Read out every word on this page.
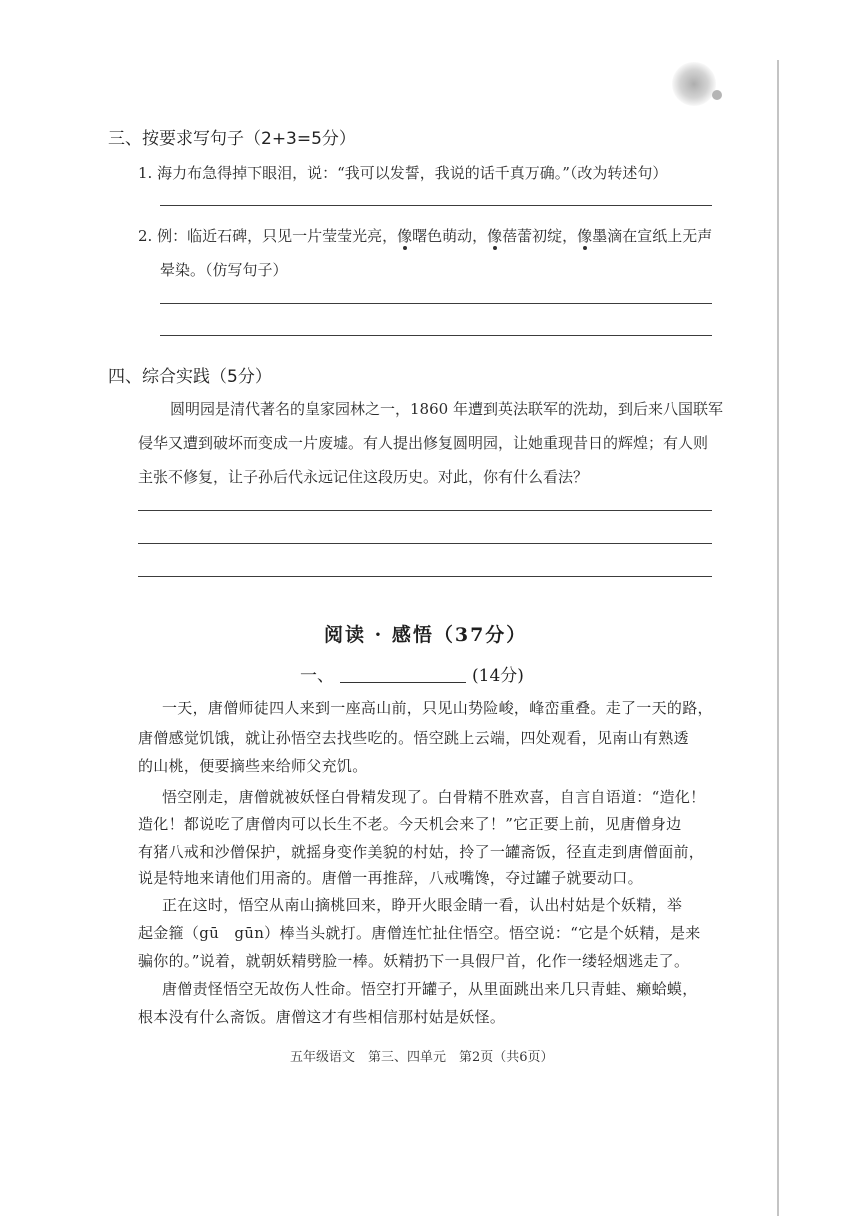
三、按要求写句子（2+3=5分）
1. 海力布急得掉下眼泪，说：“我可以发誓，我说的话千真万确。”（改为转述句）
2. 例：临近石碑，只见一片莹莹光亮，像曙色萌动，像蓓蕾初绽，像墨滴在宣纸上无声
晕染。（仿写句子）
四、综合实践（5分）
圆明园是清代著名的皇家园林之一，1860 年遭到英法联军的洗劫，到后来八国联军
侵华又遭到破坏而变成一片废墟。有人提出修复圆明园，让她重现昔日的辉煌；有人则
主张不修复，让子孙后代永远记住这段历史。对此，你有什么看法？
阅读 · 感悟（37分）
一、	(14分)
一天，唐僧师徒四人来到一座高山前，只见山势险峻，峰峦重叠。走了一天的路，
唐僧感觉饥饿，就让孙悟空去找些吃的。悟空跳上云端，四处观看，见南山有熟透
的山桃，便要摘些来给师父充饥。
悟空刚走，唐僧就被妖怪白骨精发现了。白骨精不胜欢喜，自言自语道：“造化！
造化！都说吃了唐僧肉可以长生不老。今天机会来了！”它正要上前，见唐僧身边
有猪八戒和沙僧保护，就摇身变作美貌的村姑，拎了一罐斋饭，径直走到唐僧面前，
说是特地来请他们用斋的。唐僧一再推辞，八戒嘴馋，夺过罐子就要动口。
正在这时，悟空从南山摘桃回来，睁开火眼金睛一看，认出村姑是个妖精，举
起金箍（gū　gūn）棒当头就打。唐僧连忙扯住悟空。悟空说：“它是个妖精，是来
骗你的。”说着，就朝妖精劈脸一棒。妖精扔下一具假尸首，化作一缕轻烟逃走了。
唐僧责怪悟空无故伤人性命。悟空打开罐子，从里面跳出来几只青蛙、癞蛤蟆，
根本没有什么斋饭。唐僧这才有些相信那村姑是妖怪。
五年级语文　第三、四单元　第2页（共6页）
